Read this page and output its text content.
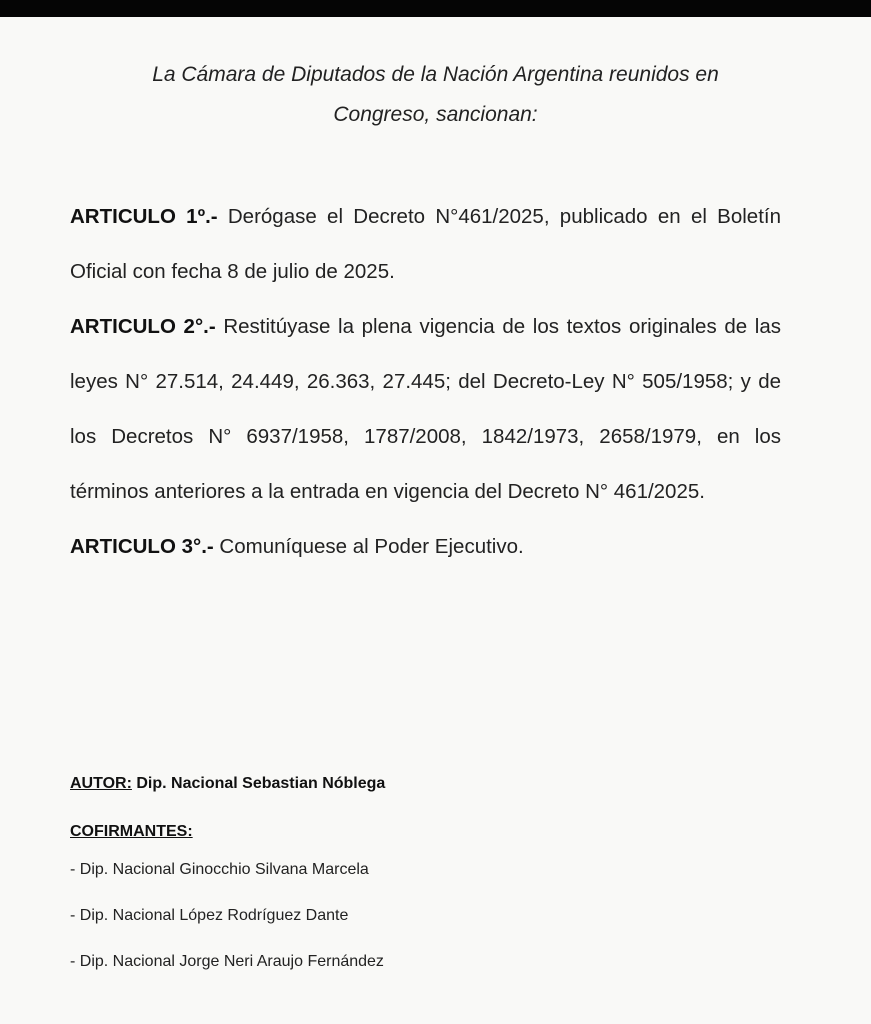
La Cámara de Diputados de la Nación Argentina reunidos en
Congreso, sancionan:

ARTICULO 1º.- Derógase el Decreto N°461/2025, publicado en el Boletín Oficial con fecha 8 de julio de 2025.

ARTICULO 2°.- Restitúyase la plena vigencia de los textos originales de las leyes N° 27.514, 24.449, 26.363, 27.445; del Decreto-Ley N° 505/1958; y de los Decretos N° 6937/1958, 1787/2008, 1842/1973, 2658/1979, en los términos anteriores a la entrada en vigencia del Decreto N° 461/2025.

ARTICULO 3°.- Comuníquese al Poder Ejecutivo.

AUTOR: Dip. Nacional Sebastian Nóblega

COFIRMANTES:

- Dip. Nacional Ginocchio Silvana Marcela
- Dip. Nacional López Rodríguez Dante
- Dip. Nacional Jorge Neri Araujo Fernández
